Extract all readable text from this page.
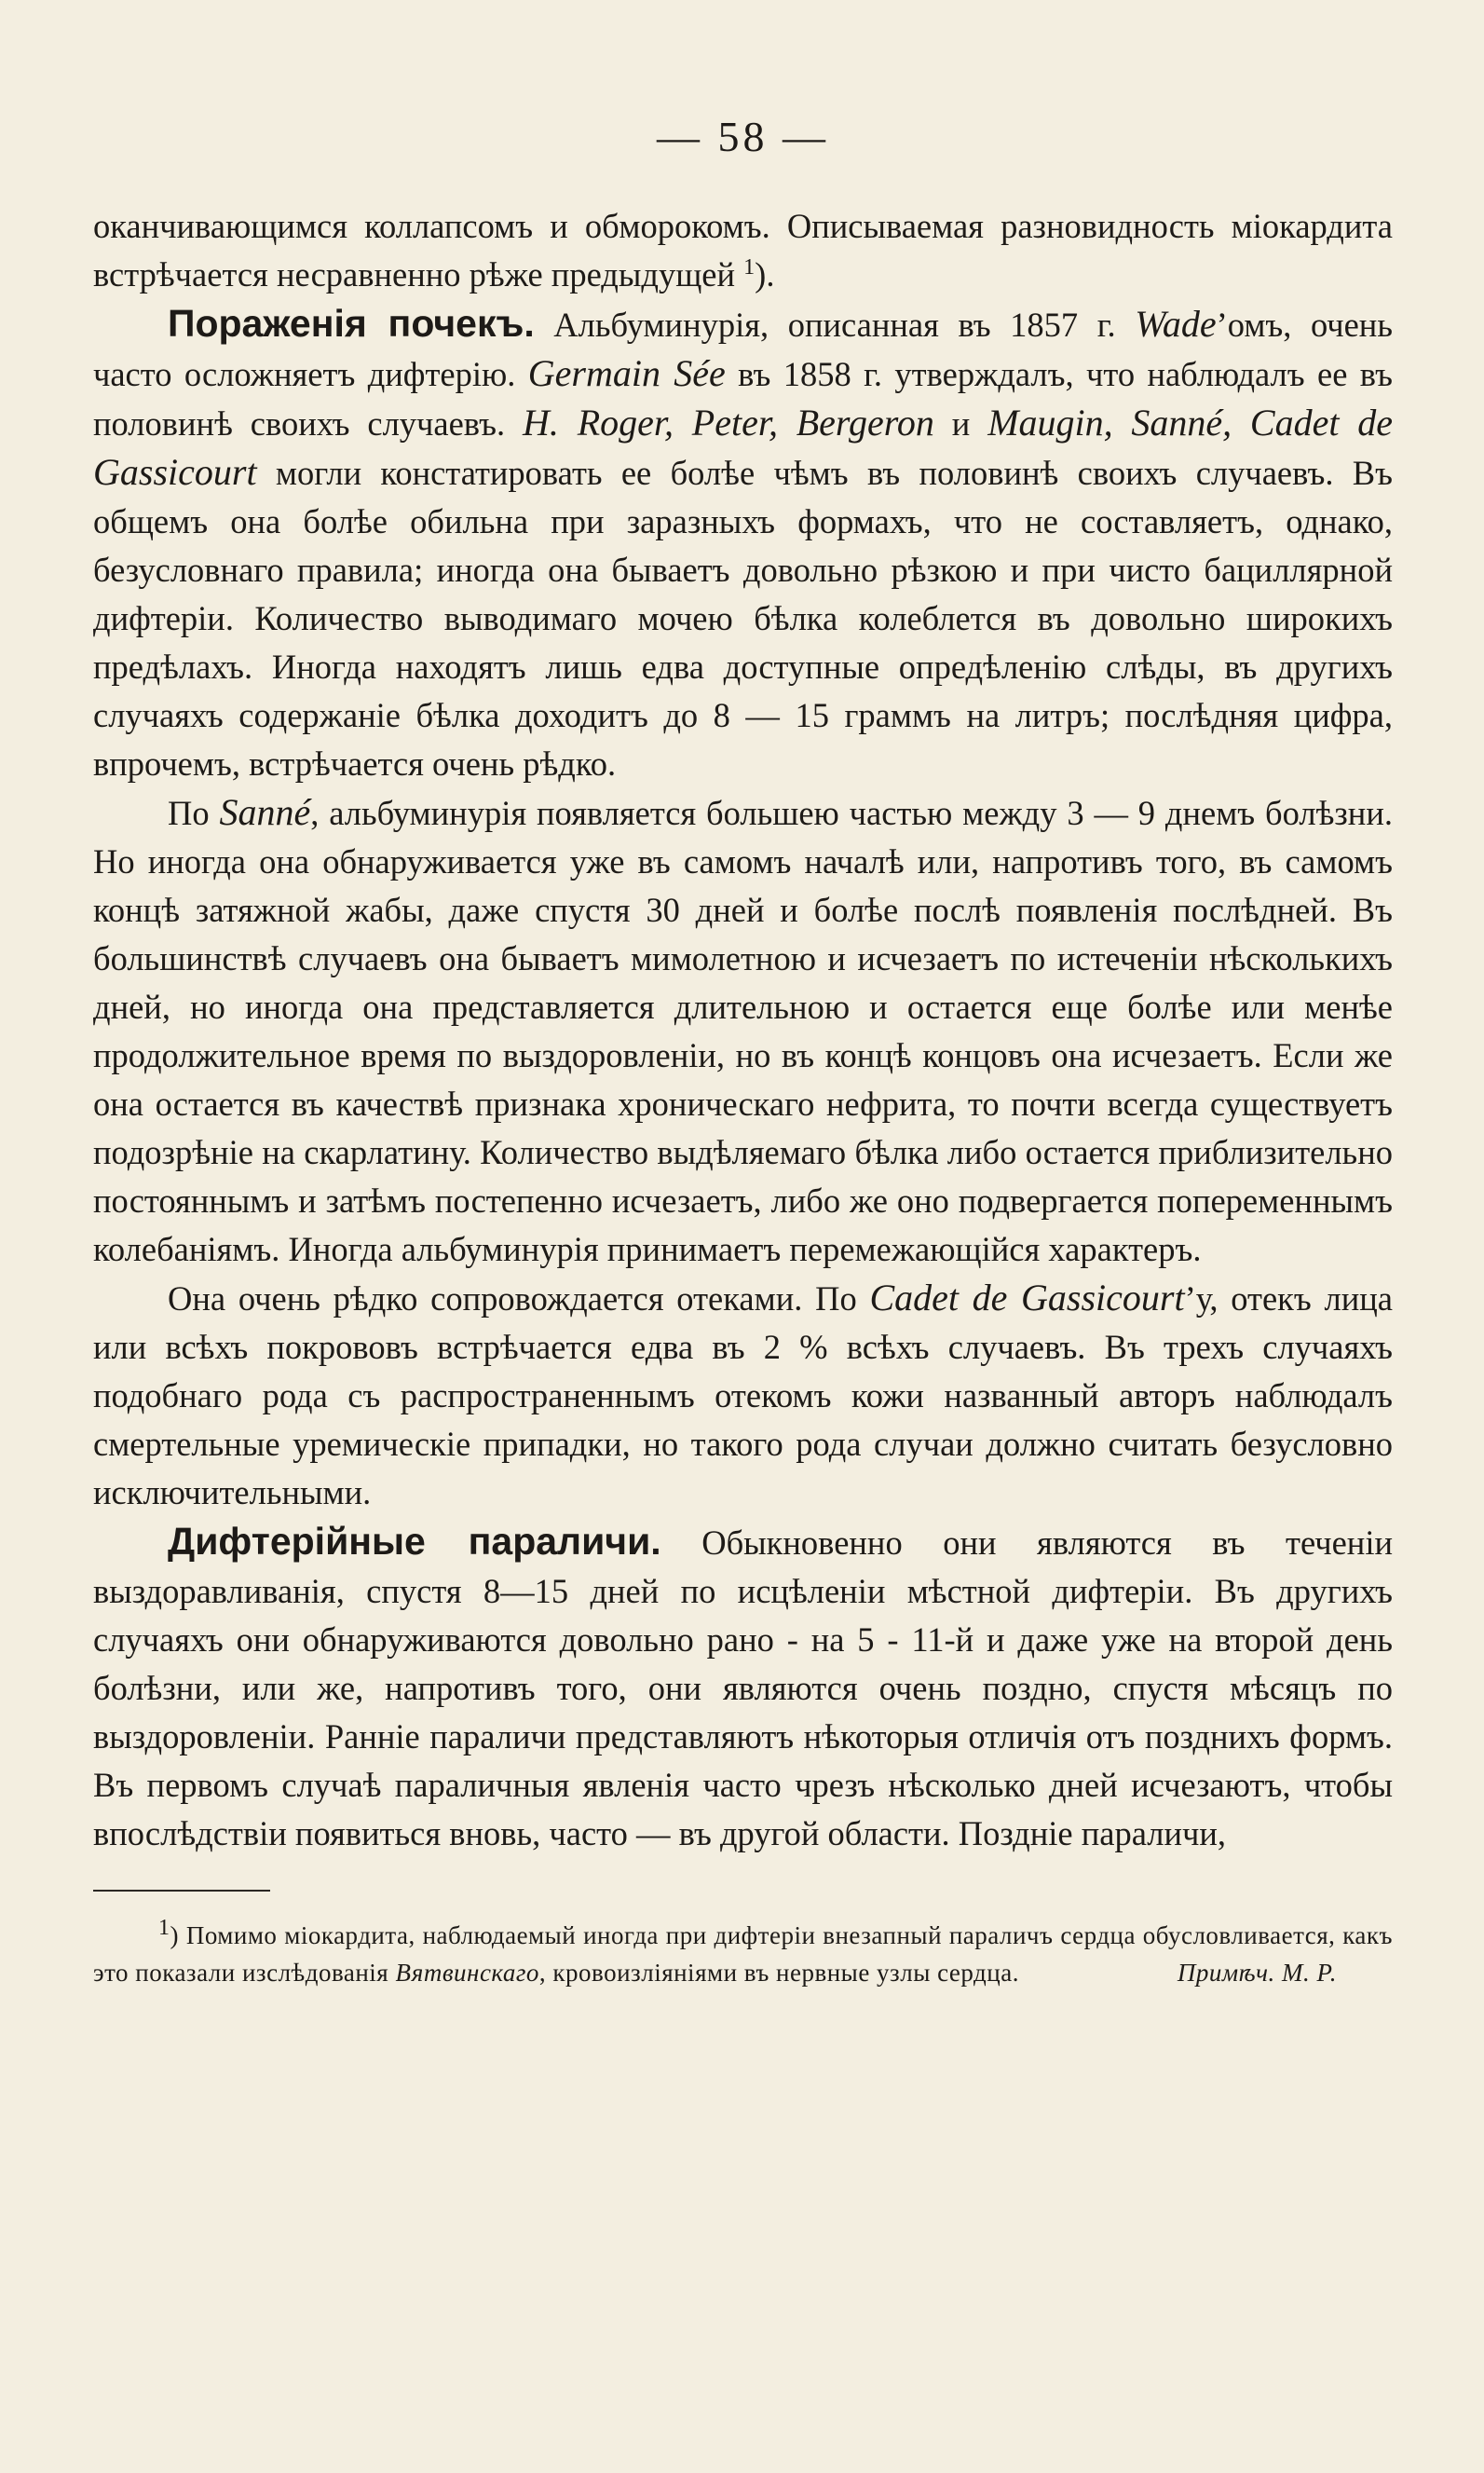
— 58 —

оканчивающимся коллапсомъ и обморокомъ. Описываемая разновидность міокардита встрѣчается несравненно рѣже предыдущей $^1$).

Пораженія почекъ. Альбуминурія, описанная въ 1857 г. Wade’омъ, очень часто осложняетъ дифтерію. Germain Sée въ 1858 г. утверждалъ, что наблюдалъ ее въ половинѣ своихъ случаевъ. H. Roger, Peter, Bergeron и Maugin, Sanné, Cadet de Gassicourt могли констатировать ее болѣе чѣмъ въ половинѣ своихъ случаевъ. Въ общемъ она болѣе обильна при заразныхъ формахъ, что не составляетъ, однако, безусловнаго правила; иногда она бываетъ довольно рѣзкою и при чисто бациллярной дифтеріи. Количество выводимаго мочею бѣлка колеблется въ довольно широкихъ предѣлахъ. Иногда находятъ лишь едва доступные опредѣленію слѣды, въ другихъ случаяхъ содержаніе бѣлка доходитъ до 8 — 15 граммъ на литръ; послѣдняя цифра, впрочемъ, встрѣчается очень рѣдко.

По Sanné, альбуминурія появляется большею частью между 3 — 9 днемъ болѣзни. Но иногда она обнаруживается уже въ самомъ началѣ или, напротивъ того, въ самомъ концѣ затяжной жабы, даже спустя 30 дней и болѣе послѣ появленія послѣдней. Въ большинствѣ случаевъ она бываетъ мимолетною и исчезаетъ по истеченіи нѣсколькихъ дней, но иногда она представляется длительною и остается еще болѣе или менѣе продолжительное время по выздоровленіи, но въ концѣ концовъ она исчезаетъ. Если же она остается въ качествѣ признака хроническаго нефрита, то почти всегда существуетъ подозрѣніе на скарлатину. Количество выдѣляемаго бѣлка либо остается приблизительно постояннымъ и затѣмъ постепенно исчезаетъ, либо же оно подвергается попеременнымъ колебаніямъ. Иногда альбуминурія принимаетъ перемежающійся характеръ.

Она очень рѣдко сопровождается отеками. По Cadet de Gassicourt’у, отекъ лица или всѣхъ покрововъ встрѣчается едва въ 2 % всѣхъ случаевъ. Въ трехъ случаяхъ подобнаго рода съ распространеннымъ отекомъ кожи названный авторъ наблюдалъ смертельные уремическіе припадки, но такого рода случаи должно считать безусловно исключительными.

Дифтерійные параличи. Обыкновенно они являются въ теченіи выздоравливанія, спустя 8—15 дней по исцѣленіи мѣстной дифтеріи. Въ другихъ случаяхъ они обнаруживаются довольно рано - на 5 - 11-й и даже уже на второй день болѣзни, или же, напротивъ того, они являются очень поздно, спустя мѣсяцъ по выздоровленіи. Ранніе параличи представляютъ нѣкоторыя отличія отъ позднихъ формъ. Въ первомъ случаѣ параличныя явленія часто чрезъ нѣсколько дней исчезаютъ, чтобы впослѣдствіи появиться вновь, часто — въ другой области. Поздніе параличи,

$^1$) Помимо міокардита, наблюдаемый иногда при дифтеріи внезапный параличъ сердца обусловливается, какъ это показали изслѣдованія Вятвинскаго, кровоизліяніями въ нервные узлы сердца.	Примѣч. М. Р.
